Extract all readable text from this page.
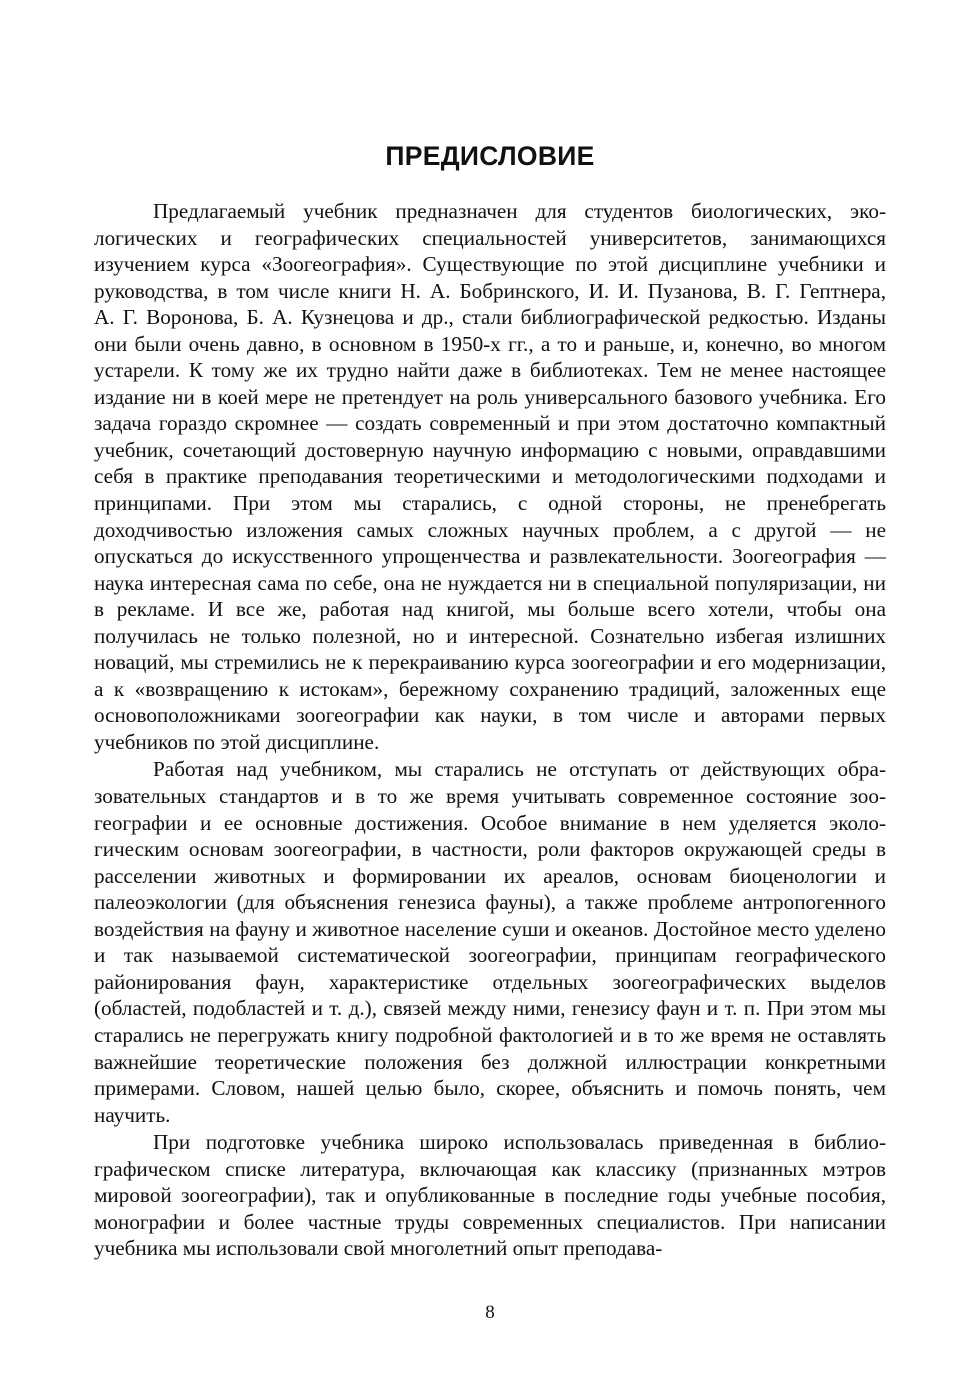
ПРЕДИСЛОВИЕ

Предлагаемый учебник предназначен для студентов биологических, экологических и географических специальностей университетов, занимающихся изучением курса «Зоогеография». Существующие по этой дисциплине учебники и руководства, в том числе книги Н. А. Бобринского, И. И. Пузанова, В. Г. Гептнера, А. Г. Воронова, Б. А. Кузнецова и др., стали библиографической редкостью. Изданы они были очень давно, в основном в 1950-х гг., а то и раньше, и, конечно, во многом устарели. К тому же их трудно найти даже в библиотеках. Тем не менее настоящее издание ни в коей мере не претендует на роль универсального базового учебника. Его задача гораздо скромнее — создать современный и при этом достаточно компактный учебник, сочетающий достоверную научную информацию с новыми, оправдавшими себя в практике преподавания теоретическими и методологическими подходами и принципами. При этом мы старались, с одной стороны, не пренебрегать доходчивостью изложения самых сложных научных проблем, а с другой — не опускаться до искусственного упрощенчества и развлекательности. Зоогеография — наука интересная сама по себе, она не нуждается ни в специальной популяризации, ни в рекламе. И все же, работая над книгой, мы больше всего хотели, чтобы она получилась не только полезной, но и интересной. Сознательно избегая излишних новаций, мы стремились не к перекраиванию курса зоогеографии и его модернизации, а к «возвращению к истокам», бережному сохранению традиций, заложенных еще основоположниками зоогеографии как науки, в том числе и авторами первых учебников по этой дисциплине.

Работая над учебником, мы старались не отступать от действующих образовательных стандартов и в то же время учитывать современное состояние зоогеографии и ее основные достижения. Особое внимание в нем уделяется экологическим основам зоогеографии, в частности, роли факторов окружающей среды в расселении животных и формировании их ареалов, основам биоценологии и палеоэкологии (для объяснения генезиса фауны), а также проблеме антропогенного воздействия на фауну и животное население суши и океанов. Достойное место уделено и так называемой систематической зоогеографии, принципам географического районирования фаун, характеристике отдельных зоогеографических выделов (областей, подобластей и т. д.), связей между ними, генезису фаун и т. п. При этом мы старались не перегружать книгу подробной фактологией и в то же время не оставлять важнейшие теоретические положения без должной иллюстрации конкретными примерами. Словом, нашей целью было, скорее, объяснить и помочь понять, чем научить.

При подготовке учебника широко использовалась приведенная в библиографическом списке литература, включающая как классику (признанных мэтров мировой зоогеографии), так и опубликованные в последние годы учебные пособия, монографии и более частные труды современных специалистов. При написании учебника мы использовали свой многолетний опыт преподава-

8
